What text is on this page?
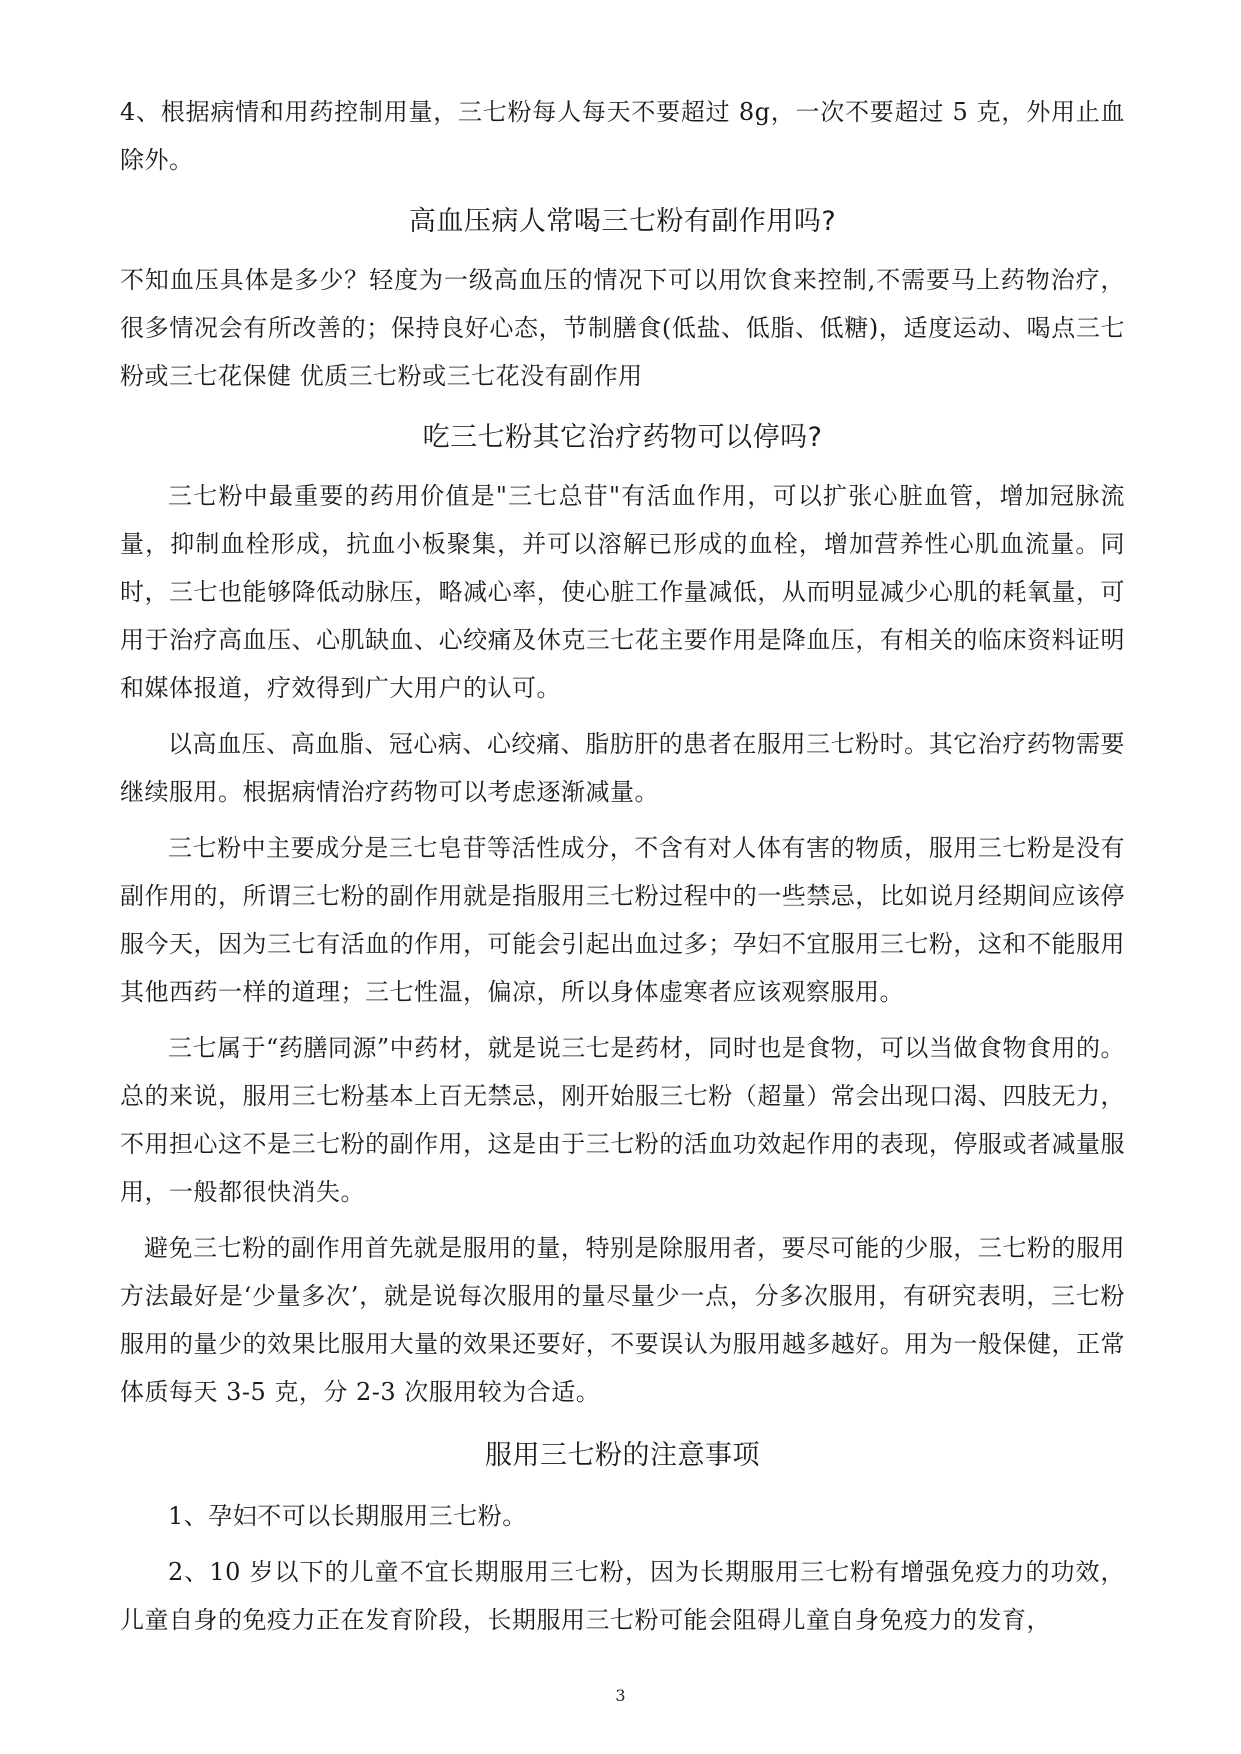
4、根据病情和用药控制用量，三七粉每人每天不要超过 8g，一次不要超过 5 克，外用止血除外。

高血压病人常喝三七粉有副作用吗?

不知血压具体是多少？轻度为一级高血压的情况下可以用饮食来控制,不需要马上药物治疗，很多情况会有所改善的；保持良好心态，节制膳食(低盐、低脂、低糖)，适度运动、喝点三七粉或三七花保健 优质三七粉或三七花没有副作用

吃三七粉其它治疗药物可以停吗?

三七粉中最重要的药用价值是"三七总苷"有活血作用，可以扩张心脏血管，增加冠脉流量，抑制血栓形成，抗血小板聚集，并可以溶解已形成的血栓，增加营养性心肌血流量。同时，三七也能够降低动脉压，略减心率，使心脏工作量减低，从而明显减少心肌的耗氧量，可用于治疗高血压、心肌缺血、心绞痛及休克三七花主要作用是降血压，有相关的临床资料证明和媒体报道，疗效得到广大用户的认可。

以高血压、高血脂、冠心病、心绞痛、脂肪肝的患者在服用三七粉时。其它治疗药物需要继续服用。根据病情治疗药物可以考虑逐渐减量。

三七粉中主要成分是三七皂苷等活性成分，不含有对人体有害的物质，服用三七粉是没有副作用的，所谓三七粉的副作用就是指服用三七粉过程中的一些禁忌，比如说月经期间应该停服今天，因为三七有活血的作用，可能会引起出血过多；孕妇不宜服用三七粉，这和不能服用其他西药一样的道理；三七性温，偏凉，所以身体虚寒者应该观察服用。

三七属于“药膳同源”中药材，就是说三七是药材，同时也是食物，可以当做食物食用的。总的来说，服用三七粉基本上百无禁忌，刚开始服三七粉（超量）常会出现口渴、四肢无力，不用担心这不是三七粉的副作用，这是由于三七粉的活血功效起作用的表现，停服或者减量服用，一般都很快消失。

避免三七粉的副作用首先就是服用的量，特别是除服用者，要尽可能的少服，三七粉的服用方法最好是‘少量多次’，就是说每次服用的量尽量少一点，分多次服用，有研究表明，三七粉服用的量少的效果比服用大量的效果还要好，不要误认为服用越多越好。用为一般保健，正常体质每天 3-5 克，分 2-3 次服用较为合适。

服用三七粉的注意事项

1、孕妇不可以长期服用三七粉。

2、10 岁以下的儿童不宜长期服用三七粉，因为长期服用三七粉有增强免疫力的功效，儿童自身的免疫力正在发育阶段，长期服用三七粉可能会阻碍儿童自身免疫力的发育，

3
